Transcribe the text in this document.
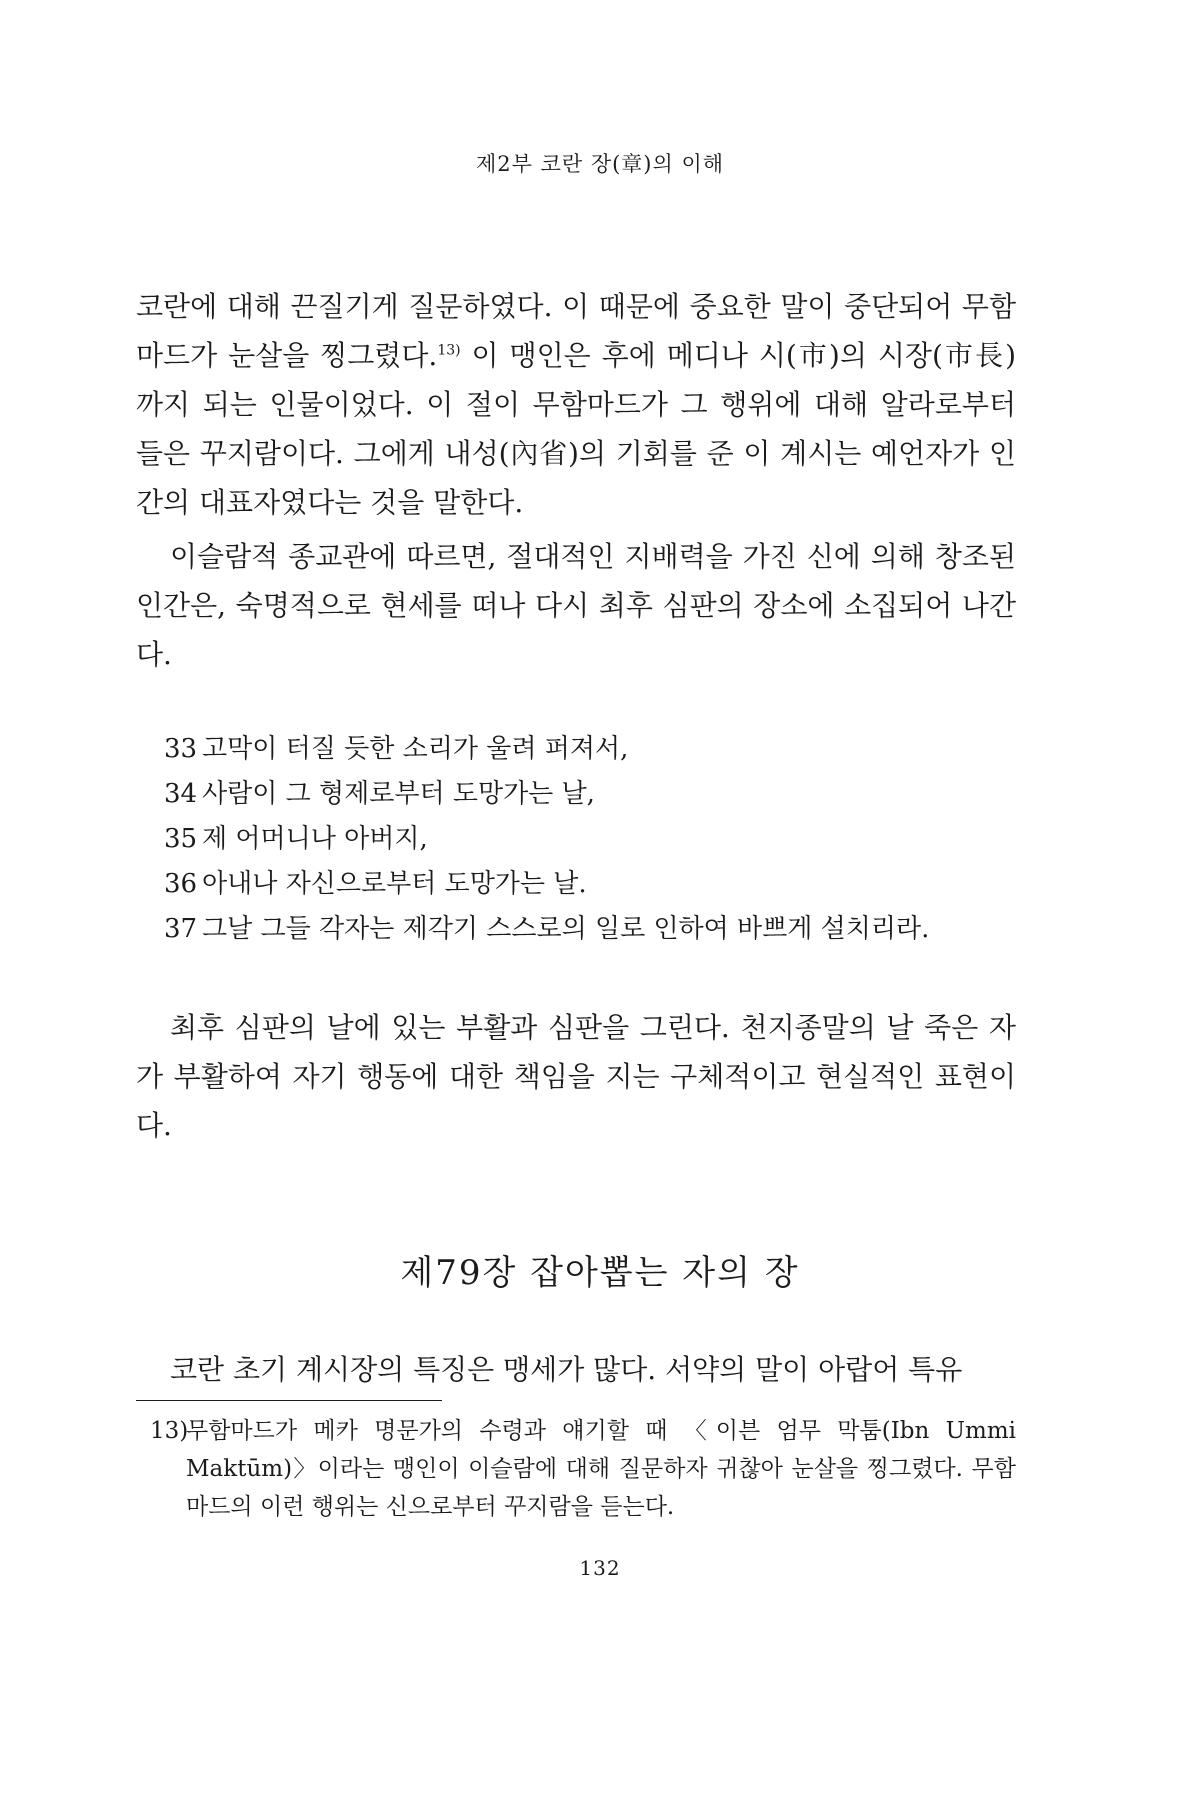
제2부 코란 장(章)의 이해
코란에 대해 끈질기게 질문하였다. 이 때문에 중요한 말이 중단되어 무함마드가 눈살을 찡그렸다.$^{13)}$ 이 맹인은 후에 메디나 시(市)의 시장(市長)까지 되는 인물이었다. 이 절이 무함마드가 그 행위에 대해 알라로부터 들은 꾸지람이다. 그에게 내성(內省)의 기회를 준 이 계시는 예언자가 인간의 대표자였다는 것을 말한다.
이슬람적 종교관에 따르면, 절대적인 지배력을 가진 신에 의해 창조된 인간은, 숙명적으로 현세를 떠나 다시 최후 심판의 장소에 소집되어 나간다.
33 고막이 터질 듯한 소리가 울려 퍼져서,
34 사람이 그 형제로부터 도망가는 날,
35 제 어머니나 아버지,
36 아내나 자신으로부터 도망가는 날.
37 그날 그들 각자는 제각기 스스로의 일로 인하여 바쁘게 설치리라.
최후 심판의 날에 있는 부활과 심판을 그린다. 천지종말의 날 죽은 자가 부활하여 자기 행동에 대한 책임을 지는 구체적이고 현실적인 표현이다.
제79장 잡아뽑는 자의 장
코란 초기 계시장의 특징은 맹세가 많다. 서약의 말이 아랍어 특유
13)
무함마드가 메카 명문가의 수령과 얘기할 때 〈이븐 엄무 막툼(Ibn Ummi Maktūm)〉이라는 맹인이 이슬람에 대해 질문하자 귀찮아 눈살을 찡그렸다. 무함마드의 이런 행위는 신으로부터 꾸지람을 듣는다.
132
